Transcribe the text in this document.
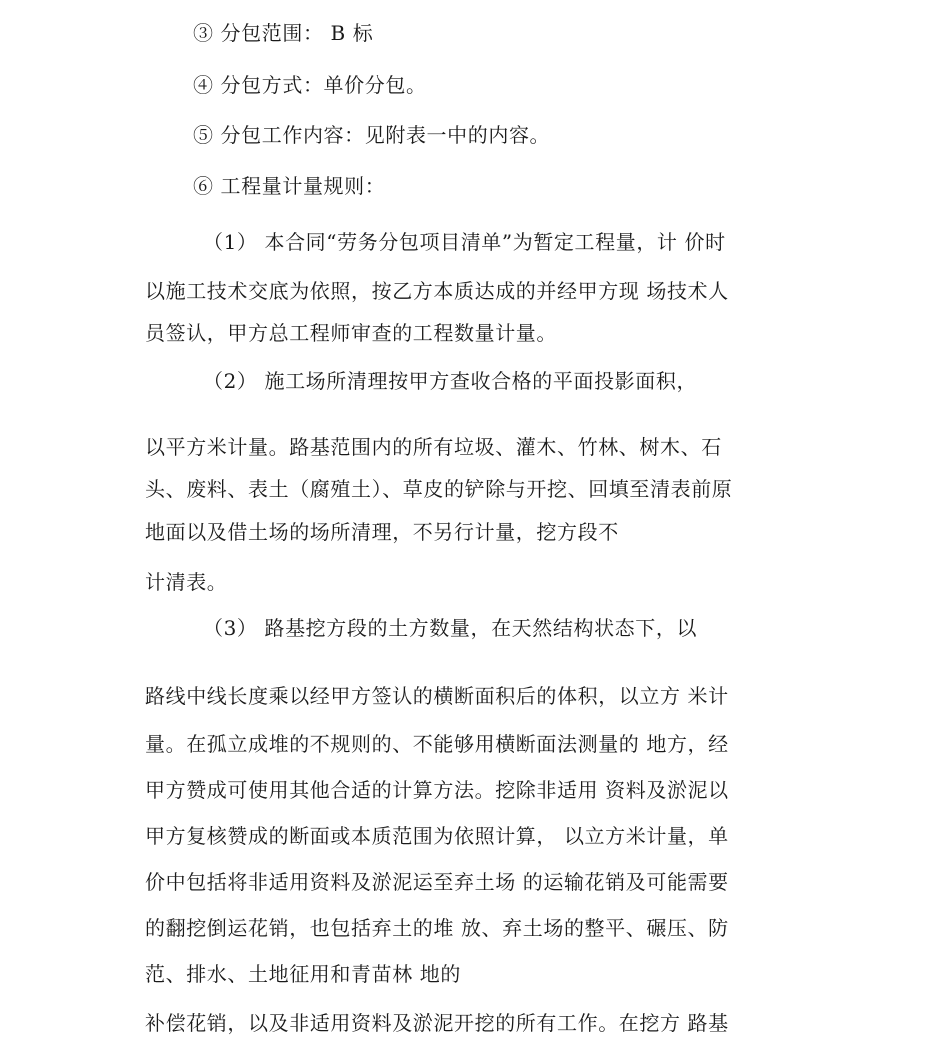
③ 分包范围： B 标
④ 分包方式：单价分包。
⑤ 分包工作内容：见附表一中的内容。
⑥ 工程量计量规则：
（1） 本合同“劳务分包项目清单”为暂定工程量，计 价时
以施工技术交底为依照，按乙方本质达成的并经甲方现 场技术人
员签认，甲方总工程师审查的工程数量计量。
（2） 施工场所清理按甲方查收合格的平面投影面积，
以平方米计量。路基范围内的所有垃圾、灌木、竹林、树木、石
头、废料、表土（腐殖土）、草皮的铲除与开挖、回填至清表前原
地面以及借土场的场所清理，不另行计量，挖方段不
计清表。
（3） 路基挖方段的土方数量，在天然结构状态下，以
路线中线长度乘以经甲方签认的横断面积后的体积，以立方 米计
量。在孤立成堆的不规则的、不能够用横断面法测量的 地方，经
甲方赞成可使用其他合适的计算方法。挖除非适用 资料及淤泥以
甲方复核赞成的断面或本质范围为依照计算， 以立方米计量，单
价中包括将非适用资料及淤泥运至弃土场 的运输花销及可能需要
的翻挖倒运花销，也包括弃土的堆 放、弃土场的整平、碾压、防
范、排水、土地征用和青苗林 地的
补偿花销，以及非适用资料及淤泥开挖的所有工作。在挖方 路基
